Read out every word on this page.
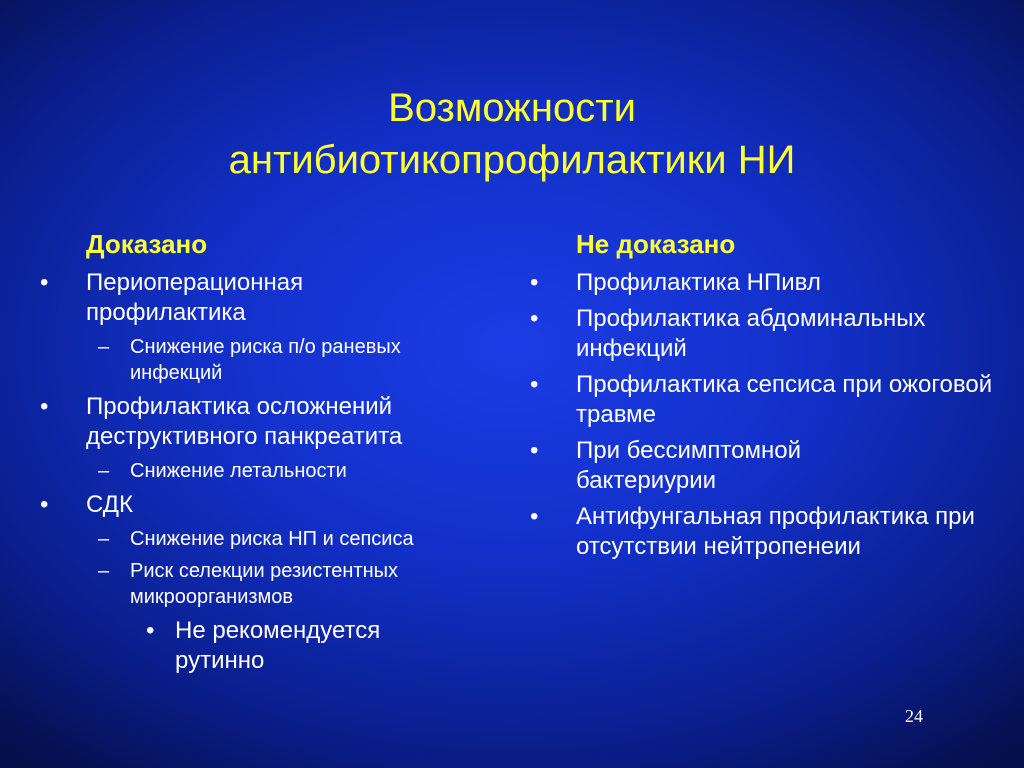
Возможности
антибиотикопрофилактики НИ
Доказано
•	Периоперационная профилактика
– Снижение риска п/о раневых инфекций
•	Профилактика осложнений деструктивного панкреатита
– Снижение летальности
•	СДК
– Снижение риска НП и сепсиса
– Риск селекции резистентных микроорганизмов
• Не рекомендуется рутинно
Не доказано
•	Профилактика НПивл
•	Профилактика абдоминальных инфекций
•	Профилактика сепсиса при ожоговой травме
•	При бессимптомной бактериурии
•	Антифунгальная профилактика при отсутствии нейтропенеии
24
